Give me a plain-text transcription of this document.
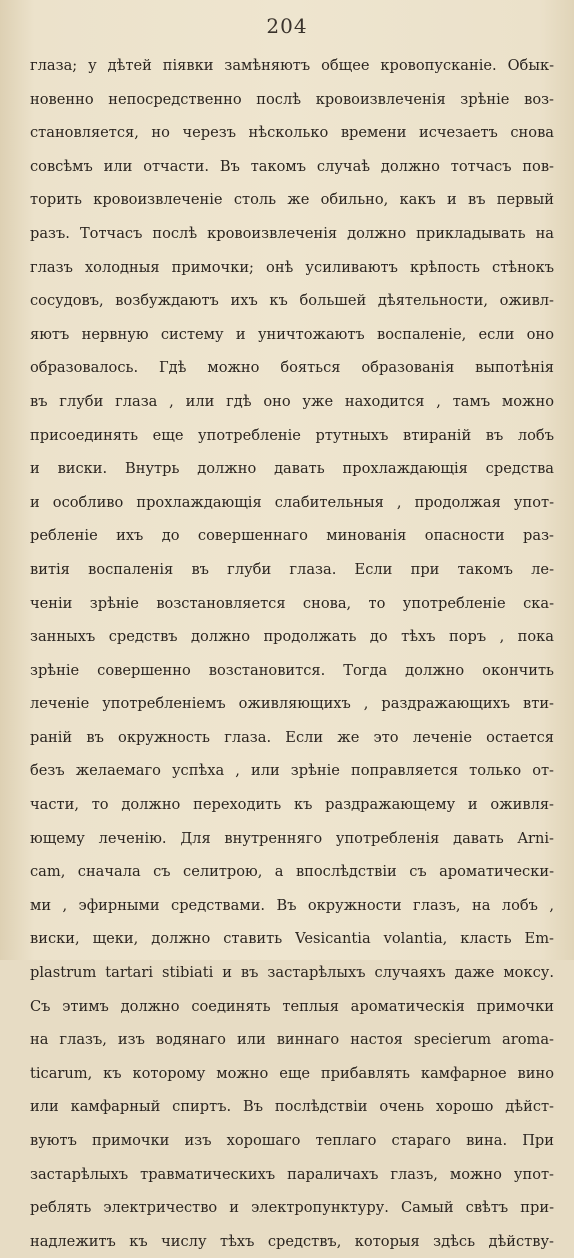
204
глаза; у дѣтей пiявки замѣняютъ общее кровопусканiе. Обык-
новенно непосредственно послѣ кровоизвлеченiя зрѣнiе воз-
становляется, но черезъ нѣсколько времени исчезаетъ снова
совсѣмъ или отчасти. Въ такомъ случаѣ должно тотчасъ пов-
торить кровоизвлеченiе столь же обильно, какъ и въ первый
разъ. Тотчасъ послѣ кровоизвлеченiя должно прикладывать на
глазъ холодныя примочки; онѣ усиливаютъ крѣпость стѣнокъ
сосудовъ, возбуждаютъ ихъ къ большей дѣятельности, оживл-
яютъ нервную систему и уничтожаютъ воспаленiе, если оно
образовалось. Гдѣ можно бояться образованiя выпотѣнiя
въ глуби глаза , или гдѣ оно уже находится , тамъ можно
присоединять еще употребленiе ртутныхъ втиранiй въ лобъ
и виски. Внутрь должно давать прохлаждающiя средства
и особливо прохлаждающiя слабительныя , продолжая упот-
ребленiе ихъ до совершеннаго минованiя опасности раз-
витiя воспаленiя въ глуби глаза. Если при такомъ ле-
ченiи зрѣнiе возстановляется снова, то употребленiе ска-
занныхъ средствъ должно продолжать до тѣхъ поръ , пока
зрѣнiе совершенно возстановится. Тогда должно окончить
леченiе употребленiемъ оживляющихъ , раздражающихъ вти-
ранiй въ окружность глаза. Если же это леченiе остается
безъ желаемаго успѣха , или зрѣнiе поправляется только от-
части, то должно переходить къ раздражающему и оживля-
ющему леченiю. Для внутренняго употребленiя давать Arni-
cam, сначала съ селитрою, а впослѣдствiи съ ароматически-
ми , эфирными средствами. Въ окружности глазъ, на лобъ ,
виски, щеки, должно ставить Vesicantia volantia, класть Em-
plastrum tartari stibiati и въ застарѣлыхъ случаяхъ даже моксу.
Съ этимъ должно соединять теплыя ароматическiя примочки
на глазъ, изъ водянаго или виннаго настоя specierum aroma-
ticarum, къ которому можно еще прибавлять камфарное вино
или камфарный спиртъ. Въ послѣдствiи очень хорошо дѣйст-
вуютъ примочки изъ хорошаго теплаго стараго вина. При
застарѣлыхъ травматическихъ параличахъ глазъ, можно упот-
реблять электричество и электропунктуру. Самый свѣтъ при-
надлежитъ къ числу тѣхъ средствъ, которыя здѣсь дѣйству-
